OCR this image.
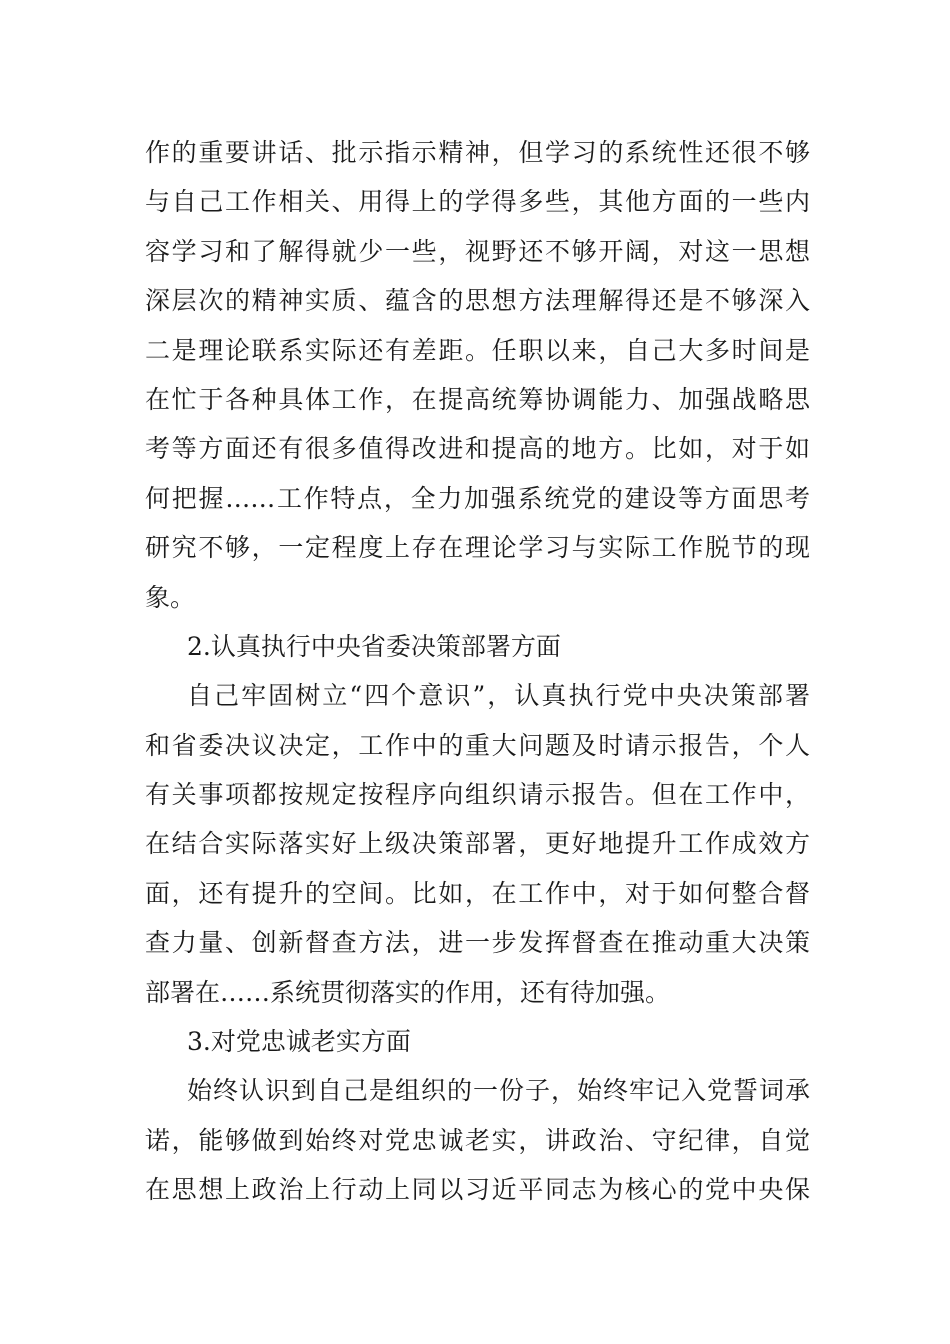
作的重要讲话、批示指示精神，但学习的系统性还很不够
与自己工作相关、用得上的学得多些，其他方面的一些内
容学习和了解得就少一些，视野还不够开阔，对这一思想
深层次的精神实质、蕴含的思想方法理解得还是不够深入
二是理论联系实际还有差距。任职以来，自己大多时间是
在忙于各种具体工作，在提高统筹协调能力、加强战略思
考等方面还有很多值得改进和提高的地方。比如，对于如
何把握……工作特点，全力加强系统党的建设等方面思考
研究不够，一定程度上存在理论学习与实际工作脱节的现
象。
2.认真执行中央省委决策部署方面
自己牢固树立“四个意识”，认真执行党中央决策部署
和省委决议决定，工作中的重大问题及时请示报告，个人
有关事项都按规定按程序向组织请示报告。但在工作中，
在结合实际落实好上级决策部署，更好地提升工作成效方
面，还有提升的空间。比如，在工作中，对于如何整合督
查力量、创新督查方法，进一步发挥督查在推动重大决策
部署在……系统贯彻落实的作用，还有待加强。
3.对党忠诚老实方面
始终认识到自己是组织的一份子，始终牢记入党誓词承
诺，能够做到始终对党忠诚老实，讲政治、守纪律，自觉
在思想上政治上行动上同以习近平同志为核心的党中央保
